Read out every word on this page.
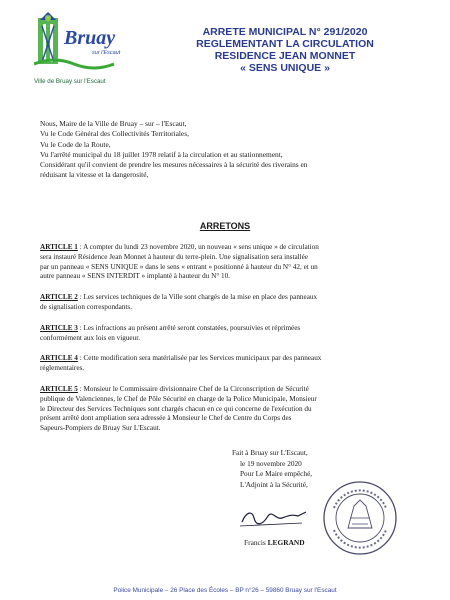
Bruay
sur l'Escaut
Ville de Bruay sur l'Escaut
ARRETE MUNICIPAL N° 291/2020
REGLEMENTANT LA CIRCULATION
RESIDENCE JEAN MONNET
« SENS UNIQUE »
Nous, Maire de la Ville de Bruay – sur – l'Escaut,
Vu le Code Général des Collectivités Territoriales,
Vu le Code de la Route,
Vu l'arrêté municipal du 18 juillet 1978 relatif à la circulation et au stationnement,
Considérant qu'il convient de prendre les mesures nécessaires à la sécurité des riverains en
réduisant la vitesse et la dangerosité,
ARRETONS
ARTICLE 1 : A compter du lundi 23 novembre 2020, un nouveau « sens unique » de circulation
sera instauré Résidence Jean Monnet à hauteur du terre-plein. Une signalisation sera installée
par un panneau « SENS UNIQUE » dans le sens « entrant » positionné à hauteur du N° 42, et un
autre panneau « SENS INTERDIT » implanté à hauteur du N° 10.
ARTICLE 2 : Les services techniques de la Ville sont chargés de la mise en place des panneaux
de signalisation correspondants.
ARTICLE 3 : Les infractions au présent arrêté seront constatées, poursuivies et réprimées
conformément aux lois en vigueur.
ARTICLE 4 : Cette modification sera matérialisée par les Services municipaux par des panneaux
réglementaires.
ARTICLE 5 : Monsieur le Commissaire divisionnaire Chef de la Circonscription de Sécurité
publique de Valenciennes, le Chef de Pôle Sécurité en charge de la Police Municipale, Monsieur
le Directeur des Services Techniques sont chargés chacun en ce qui concerne de l'exécution du
présent arrêté dont ampliation sera adressée à Monsieur le Chef de Centre du Corps des
Sapeurs-Pompiers de Bruay Sur L'Escaut.
Fait à Bruay sur L'Escaut,
le 19 novembre 2020
Pour Le Maire empêché,
L'Adjoint à la Sécurité,
Francis LEGRAND
Police Municipale – 26 Place des Écoles – BP n°26 – 59860 Bruay sur l'Escaut
